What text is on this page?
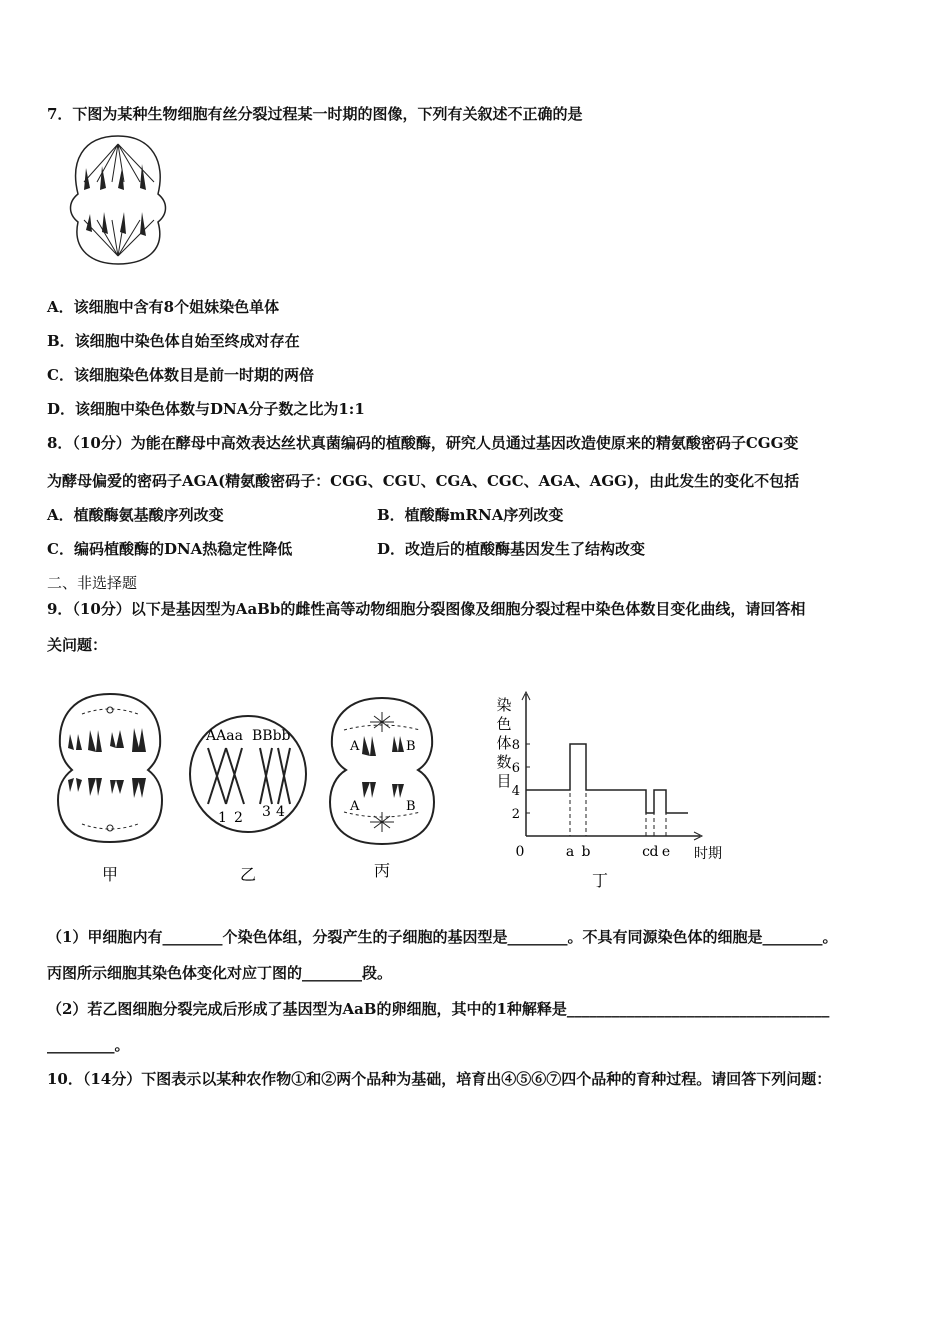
7．下图为某种生物细胞有丝分裂过程某一时期的图像，下列有关叙述不正确的是
A．该细胞中含有8个姐妹染色单体
B．该细胞中染色体自始至终成对存在
C．该细胞染色体数目是前一时期的两倍
D．该细胞中染色体数与DNA分子数之比为1:1
8．（10分）为能在酵母中高效表达丝状真菌编码的植酸酶，研究人员通过基因改造使原来的精氨酸密码子CGG变
为酵母偏爱的密码子AGA(精氨酸密码子：CGG、CGU、CGA、CGC、AGA、AGG)，由此发生的变化不包括
A．植酸酶氨基酸序列改变	B．植酸酶mRNA序列改变
C．编码植酸酶的DNA热稳定性降低	D．改造后的植酸酶基因发生了结构改变
二、非选择题
9．（10分）以下是基因型为AaBb的雌性高等动物细胞分裂图像及细胞分裂过程中染色体数目变化曲线，请回答相
关问题：
甲
AAaa BBbb
1 2 3 4
乙
A	B
A	B
丙
染
色
体
数
目
2
4
6
8
0	a b	c d e 时期
丁
（1）甲细胞内有________个染色体组，分裂产生的子细胞的基因型是________。不具有同源染色体的细胞是________。
丙图所示细胞其染色体变化对应丁图的________段。
（2）若乙图细胞分裂完成后形成了基因型为AaB的卵细胞，其中的1种解释是___________________________________
_________。
10．（14分）下图表示以某种农作物①和②两个品种为基础，培育出④⑤⑥⑦四个品种的育种过程。请回答下列问题：
